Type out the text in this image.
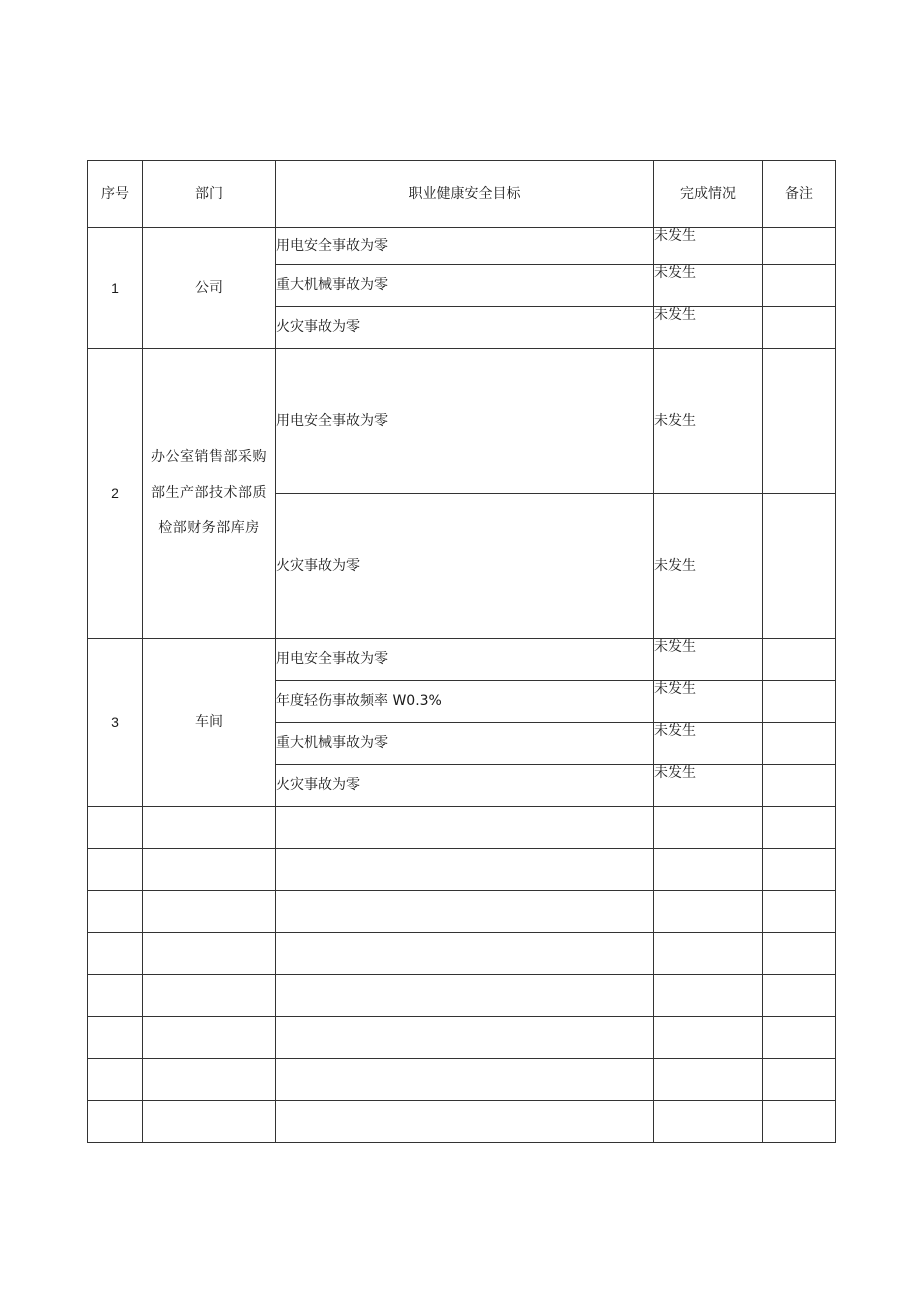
序号	部门	职业健康安全目标	完成情况	备注
1	公司	用电安全事故为零	未发生	
		重大机械事故为零	未发生	
		火灾事故为零	未发生	
2	办公室销售部采购部生产部技术部质检部财务部库房	用电安全事故为零	未发生	
		火灾事故为零	未发生	
3	车间	用电安全事故为零	未发生	
		年度轻伤事故频率 W0.3%	未发生	
		重大机械事故为零	未发生	
		火灾事故为零	未发生	
